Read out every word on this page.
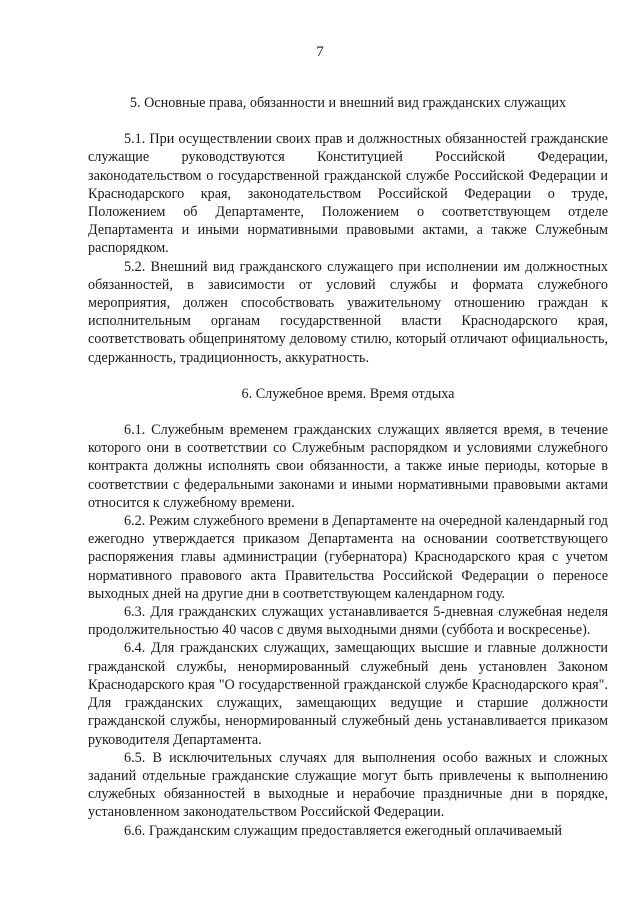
7
5. Основные права, обязанности и внешний вид гражданских служащих

5.1. При осуществлении своих прав и должностных обязанностей гражданские служащие руководствуются Конституцией Российской Федерации, законодательством о государственной гражданской службе Российской Федерации и Краснодарского края, законодательством Российской Федерации о труде, Положением об Департаменте, Положением о соответствующем отделе Департамента и иными нормативными правовыми актами, а также Служебным распорядком.

5.2. Внешний вид гражданского служащего при исполнении им должностных обязанностей, в зависимости от условий службы и формата служебного мероприятия, должен способствовать уважительному отношению граждан к исполнительным органам государственной власти Краснодарского края, соответствовать общепринятому деловому стилю, который отличают официальность, сдержанность, традиционность, аккуратность.

6. Служебное время. Время отдыха

6.1. Служебным временем гражданских служащих является время, в течение которого они в соответствии со Служебным распорядком и условиями служебного контракта должны исполнять свои обязанности, а также иные периоды, которые в соответствии с федеральными законами и иными нормативными правовыми актами относится к служебному времени.

6.2. Режим служебного времени в Департаменте на очередной календарный год ежегодно утверждается приказом Департамента на основании соответствующего распоряжения главы администрации (губернатора) Краснодарского края с учетом нормативного правового акта Правительства Российской Федерации о переносе выходных дней на другие дни в соответствующем календарном году.

6.3. Для гражданских служащих устанавливается 5-дневная служебная неделя продолжительностью 40 часов с двумя выходными днями (суббота и воскресенье).

6.4. Для гражданских служащих, замещающих высшие и главные должности гражданской службы, ненормированный служебный день установлен Законом Краснодарского края "О государственной гражданской службе Краснодарского края". Для гражданских служащих, замещающих ведущие и старшие должности гражданской службы, ненормированный служебный день устанавливается приказом руководителя Департамента.

6.5. В исключительных случаях для выполнения особо важных и сложных заданий отдельные гражданские служащие могут быть привлечены к выполнению служебных обязанностей в выходные и нерабочие праздничные дни в порядке, установленном законодательством Российской Федерации.

6.6. Гражданским служащим предоставляется ежегодный оплачиваемый
